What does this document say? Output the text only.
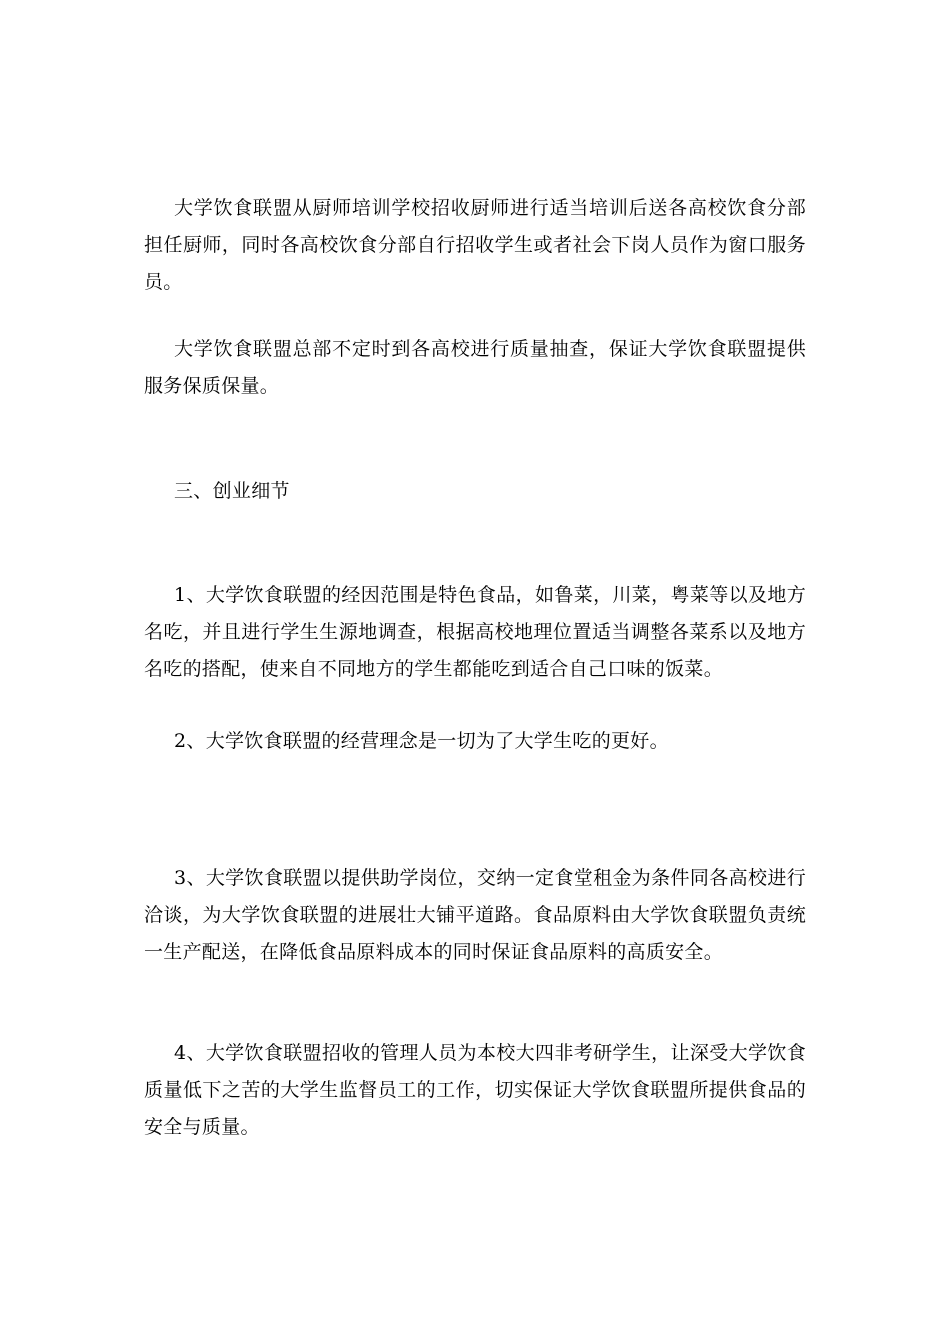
大学饮食联盟从厨师培训学校招收厨师进行适当培训后送各高校饮食分部担任厨师，同时各高校饮食分部自行招收学生或者社会下岗人员作为窗口服务员。

大学饮食联盟总部不定时到各高校进行质量抽查，保证大学饮食联盟提供服务保质保量。

三、创业细节

1、大学饮食联盟的经因范围是特色食品，如鲁菜，川菜，粤菜等以及地方名吃，并且进行学生生源地调查，根据高校地理位置适当调整各菜系以及地方名吃的搭配，使来自不同地方的学生都能吃到适合自己口味的饭菜。

2、大学饮食联盟的经营理念是一切为了大学生吃的更好。

3、大学饮食联盟以提供助学岗位，交纳一定食堂租金为条件同各高校进行洽谈，为大学饮食联盟的进展壮大铺平道路。食品原料由大学饮食联盟负责统一生产配送，在降低食品原料成本的同时保证食品原料的高质安全。

4、大学饮食联盟招收的管理人员为本校大四非考研学生，让深受大学饮食质量低下之苦的大学生监督员工的工作，切实保证大学饮食联盟所提供食品的安全与质量。
